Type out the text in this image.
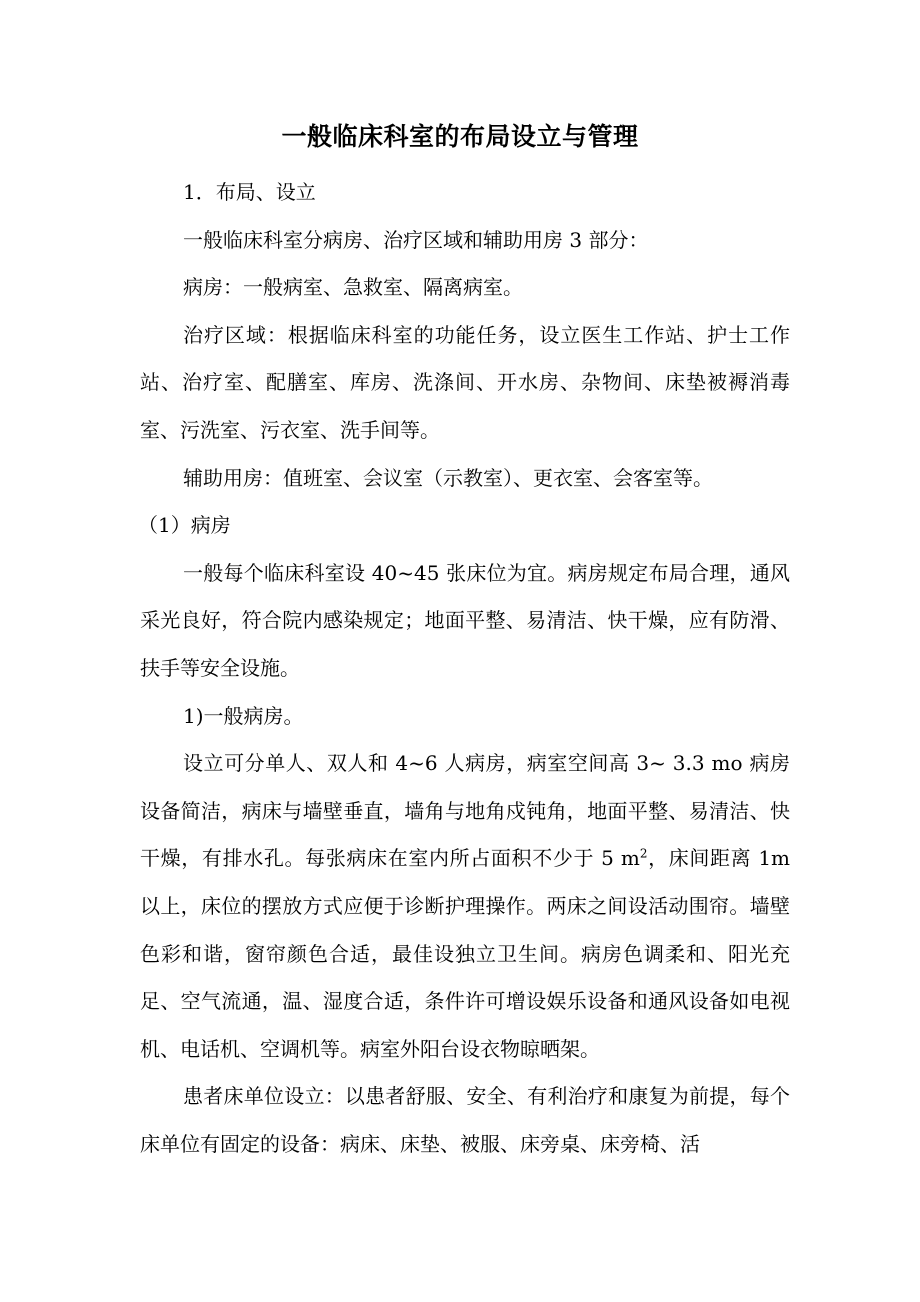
一般临床科室的布局设立与管理

1．布局、设立

一般临床科室分病房、治疗区域和辅助用房 3 部分：

病房：一般病室、急救室、隔离病室。

治疗区域：根据临床科室的功能任务，设立医生工作站、护士工作站、治疗室、配膳室、库房、洗涤间、开水房、杂物间、床垫被褥消毒室、污洗室、污衣室、洗手间等。

辅助用房：值班室、会议室（示教室）、更衣室、会客室等。

（1）病房

一般每个临床科室设 40~45 张床位为宜。病房规定布局合理，通风采光良好，符合院内感染规定；地面平整、易清洁、快干燥，应有防滑、扶手等安全设施。

1)一般病房。

设立可分单人、双人和 4~6 人病房，病室空间高 3~ 3.3 mo 病房设备简洁，病床与墙壁垂直，墙角与地角戍钝角，地面平整、易清洁、快干燥，有排水孔。每张病床在室内所占面积不少于 5 $m^2$，床间距离 1m 以上，床位的摆放方式应便于诊断护理操作。两床之间设活动围帘。墙壁色彩和谐，窗帘颜色合适，最佳设独立卫生间。病房色调柔和、阳光充足、空气流通，温、湿度合适，条件许可增设娱乐设备和通风设备如电视机、电话机、空调机等。病室外阳台设衣物晾晒架。

患者床单位设立：以患者舒服、安全、有利治疗和康复为前提，每个床单位有固定的设备：病床、床垫、被服、床旁桌、床旁椅、活
